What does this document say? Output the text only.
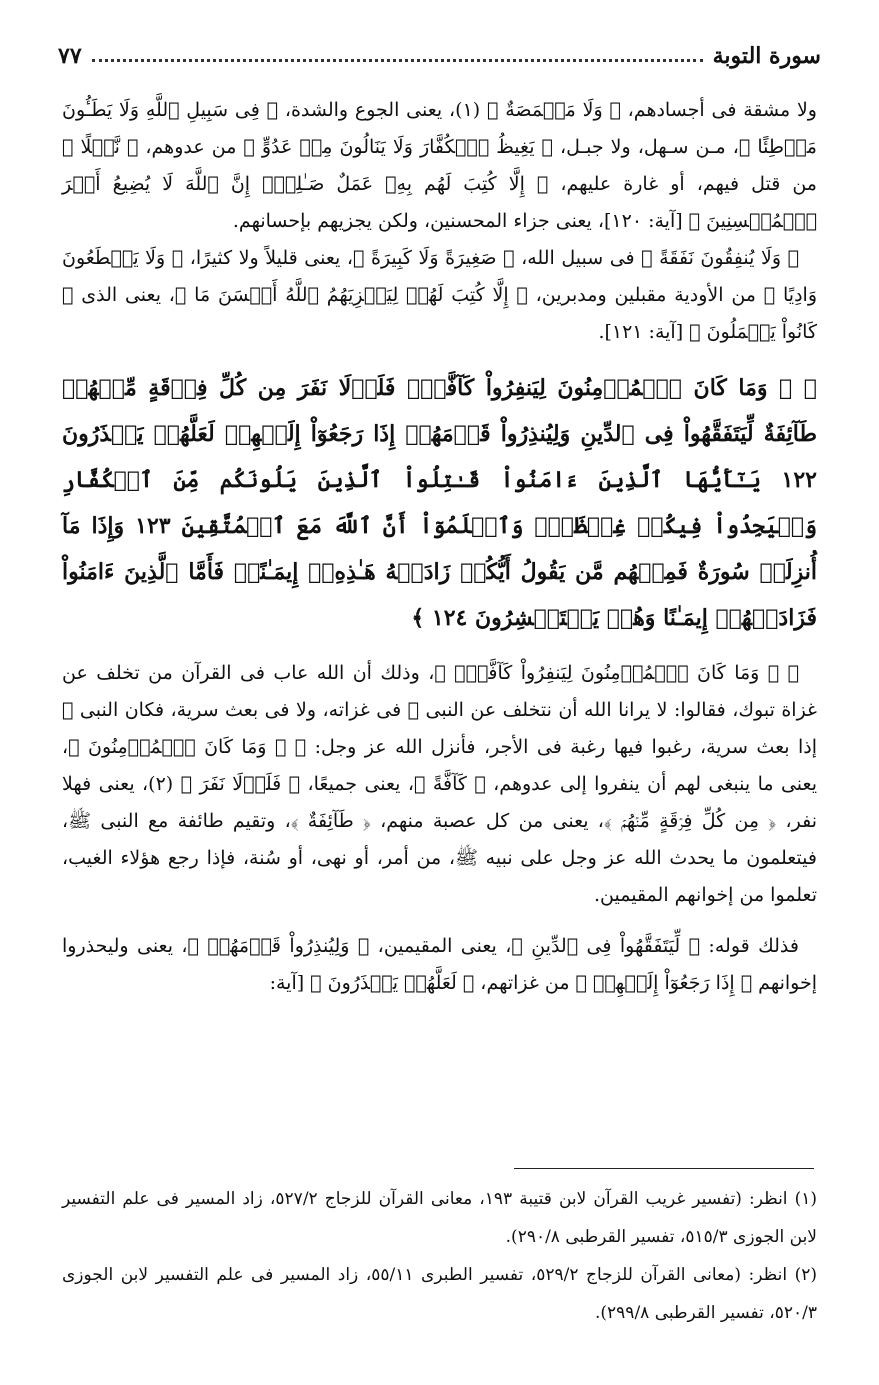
سورة التوبة
٧٧

ولا مشقة فى أجسادهم، ﴿ وَلَا مَخۡمَصَةٌ ﴾ (١)، يعنى الجوع والشدة، ﴿ فِى سَبِيلِ ٱللَّهِ وَلَا يَطَـُٔونَ مَوۡطِئًا ﴾، مـن سـهل، ولا جبـل، ﴿ يَغِيظُ ٱلۡكُفَّارَ وَلَا يَنَالُونَ مِنۡ عَدُوٍّ ﴾ من عدوهم، ﴿ نَّيۡلًا ﴾ من قتل فيهم، أو غارة عليهم، ﴿ إِلَّا كُتِبَ لَهُم بِهِۦ عَمَلٌ صَـٰلِحٌۚ إِنَّ ٱللَّهَ لَا يُضِيعُ أَجۡرَ ٱلۡمُحۡسِنِينَ ﴾ [آية: ١٢٠]، يعنى جزاء المحسنين، ولكن يجزيهم بإحسانهم.

﴿ وَلَا يُنفِقُونَ نَفَقَةً ﴾ فى سبيل الله، ﴿ صَغِيرَةً وَلَا كَبِيرَةً ﴾، يعنى قليلاً ولا كثيرًا، ﴿ وَلَا يَقۡطَعُونَ وَادِيًا ﴾ من الأودية مقبلين ومدبرين، ﴿ إِلَّا كُتِبَ لَهُمۡ لِيَجۡزِيَهُمُ ٱللَّهُ أَحۡسَنَ مَا ﴾، يعنى الذى ﴿ كَانُواْ يَعۡمَلُونَ ﴾ [آية: ١٢١].

﴿ ۞ وَمَا كَانَ ٱلۡمُؤۡمِنُونَ لِيَنفِرُواْ كَآفَّةًۚ فَلَوۡلَا نَفَرَ مِن كُلِّ فِرۡقَةٍ مِّنۡهُمۡ طَآئِفَةٌ لِّيَتَفَقَّهُواْ فِى ٱلدِّينِ وَلِيُنذِرُواْ قَوۡمَهُمۡ إِذَا رَجَعُوٓاْ إِلَيۡهِمۡ لَعَلَّهُمۡ يَحۡذَرُونَ ١٢٢ يَـٰٓأَيُّهَا ٱلَّذِينَ ءَامَنُواْ قَـٰتِلُواْ ٱلَّذِينَ يَلُونَكُم مِّنَ ٱلۡكُفَّارِ وَلۡيَجِدُواْ فِيكُمۡ غِلۡظَةًۚ وَٱعۡلَمُوٓاْ أَنَّ ٱللَّهَ مَعَ ٱلۡمُتَّقِينَ ١٢٣ وَإِذَا مَآ أُنزِلَتۡ سُورَةٌ فَمِنۡهُم مَّن يَقُولُ أَيُّكُمۡ زَادَتۡهُ هَـٰذِهِۦٓ إِيمَـٰنًاۚ فَأَمَّا ٱلَّذِينَ ءَامَنُواْ فَزَادَتۡهُمۡ إِيمَـٰنًا وَهُمۡ يَسۡتَبۡشِرُونَ ١٢٤ ﴾

﴿ ۞ وَمَا كَانَ ٱلۡمُؤۡمِنُونَ لِيَنفِرُواْ كَآفَّةًۚ ﴾، وذلك أن الله عاب فى القرآن من تخلف عن غزاة تبوك، فقالوا: لا يرانا الله أن نتخلف عن النبى ﷺ فى غزاته، ولا فى بعث سرية، فكان النبى ﷺ إذا بعث سرية، رغبوا فيها رغبة فى الأجر، فأنزل الله عز وجل: ﴿ ۞ وَمَا كَانَ ٱلۡمُؤۡمِنُونَ ﴾، يعنى ما ينبغى لهم أن ينفروا إلى عدوهم، ﴿ كَآفَّةً ﴾، يعنى جميعًا، ﴿ فَلَوۡلَا نَفَرَ ﴾ (٢)، يعنى فهلا نفر، ﴿ مِن كُلِّ فِرۡقَةٍ مِّنۡهُمۡ ﴾، يعنى من كل عصبة منهم، ﴿ طَآئِفَةٌ ﴾، وتقيم طائفة مع النبى ﷺ، فيتعلمون ما يحدث الله عز وجل على نبيه ﷺ، من أمر، أو نهى، أو سُنة، فإذا رجع هؤلاء الغيب، تعلموا من إخوانهم المقيمين.

فذلك قوله: ﴿ لِّيَتَفَقَّهُواْ فِى ٱلدِّينِ ﴾، يعنى المقيمين، ﴿ وَلِيُنذِرُواْ قَوۡمَهُمۡ ﴾، يعنى وليحذروا إخوانهم ﴿ إِذَا رَجَعُوٓاْ إِلَيۡهِمۡ ﴾ من غزاتهم، ﴿ لَعَلَّهُمۡ يَحۡذَرُونَ ﴾ [آية:

(١) انظر: (تفسير غريب القرآن لابن قتيبة ١٩٣، معانى القرآن للزجاج ٥٢٧/٢، زاد المسير فى علم التفسير لابن الجوزى ٥١٥/٣، تفسير القرطبى ٢٩٠/٨).

(٢) انظر: (معانى القرآن للزجاج ٥٢٩/٢، تفسير الطبرى ٥٥/١١، زاد المسير فى علم التفسير لابن الجوزى ٥٢٠/٣، تفسير القرطبى ٢٩٩/٨).
